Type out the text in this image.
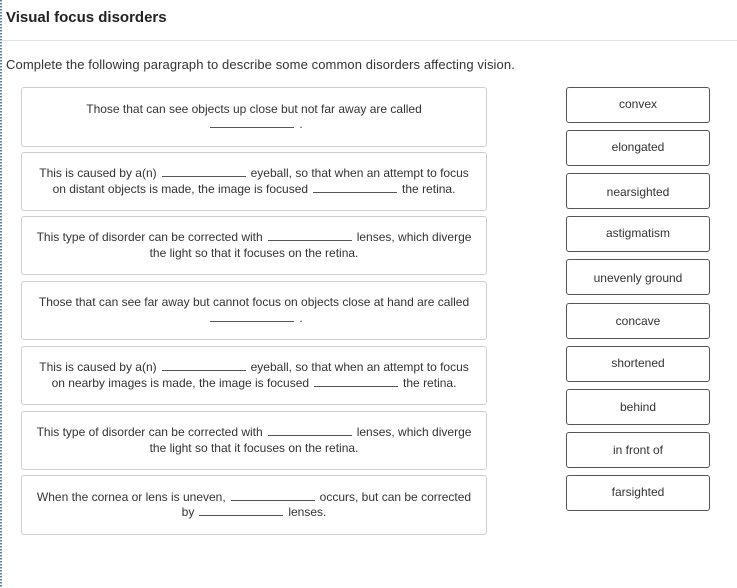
Visual focus disorders

Complete the following paragraph to describe some common disorders affecting vision.

Those that can see objects up close but not far away are called
.
This is caused by a(n)	eyeball, so that when an attempt to focus on distant objects is made, the image is focused	the retina.
This type of disorder can be corrected with	lenses, which diverge the light so that it focuses on the retina.
Those that can see far away but cannot focus on objects close at hand are called.
This is caused by a(n)	eyeball, so that when an attempt to focus on nearby images is made, the image is focused	the retina.
This type of disorder can be corrected with	lenses, which diverge the light so that it focuses on the retina.
When the cornea or lens is uneven,	occurs, but can be corrected by	lenses.
convex
elongated
nearsighted
astigmatism
unevenly ground
concave
shortened
behind
in front of
farsighted
